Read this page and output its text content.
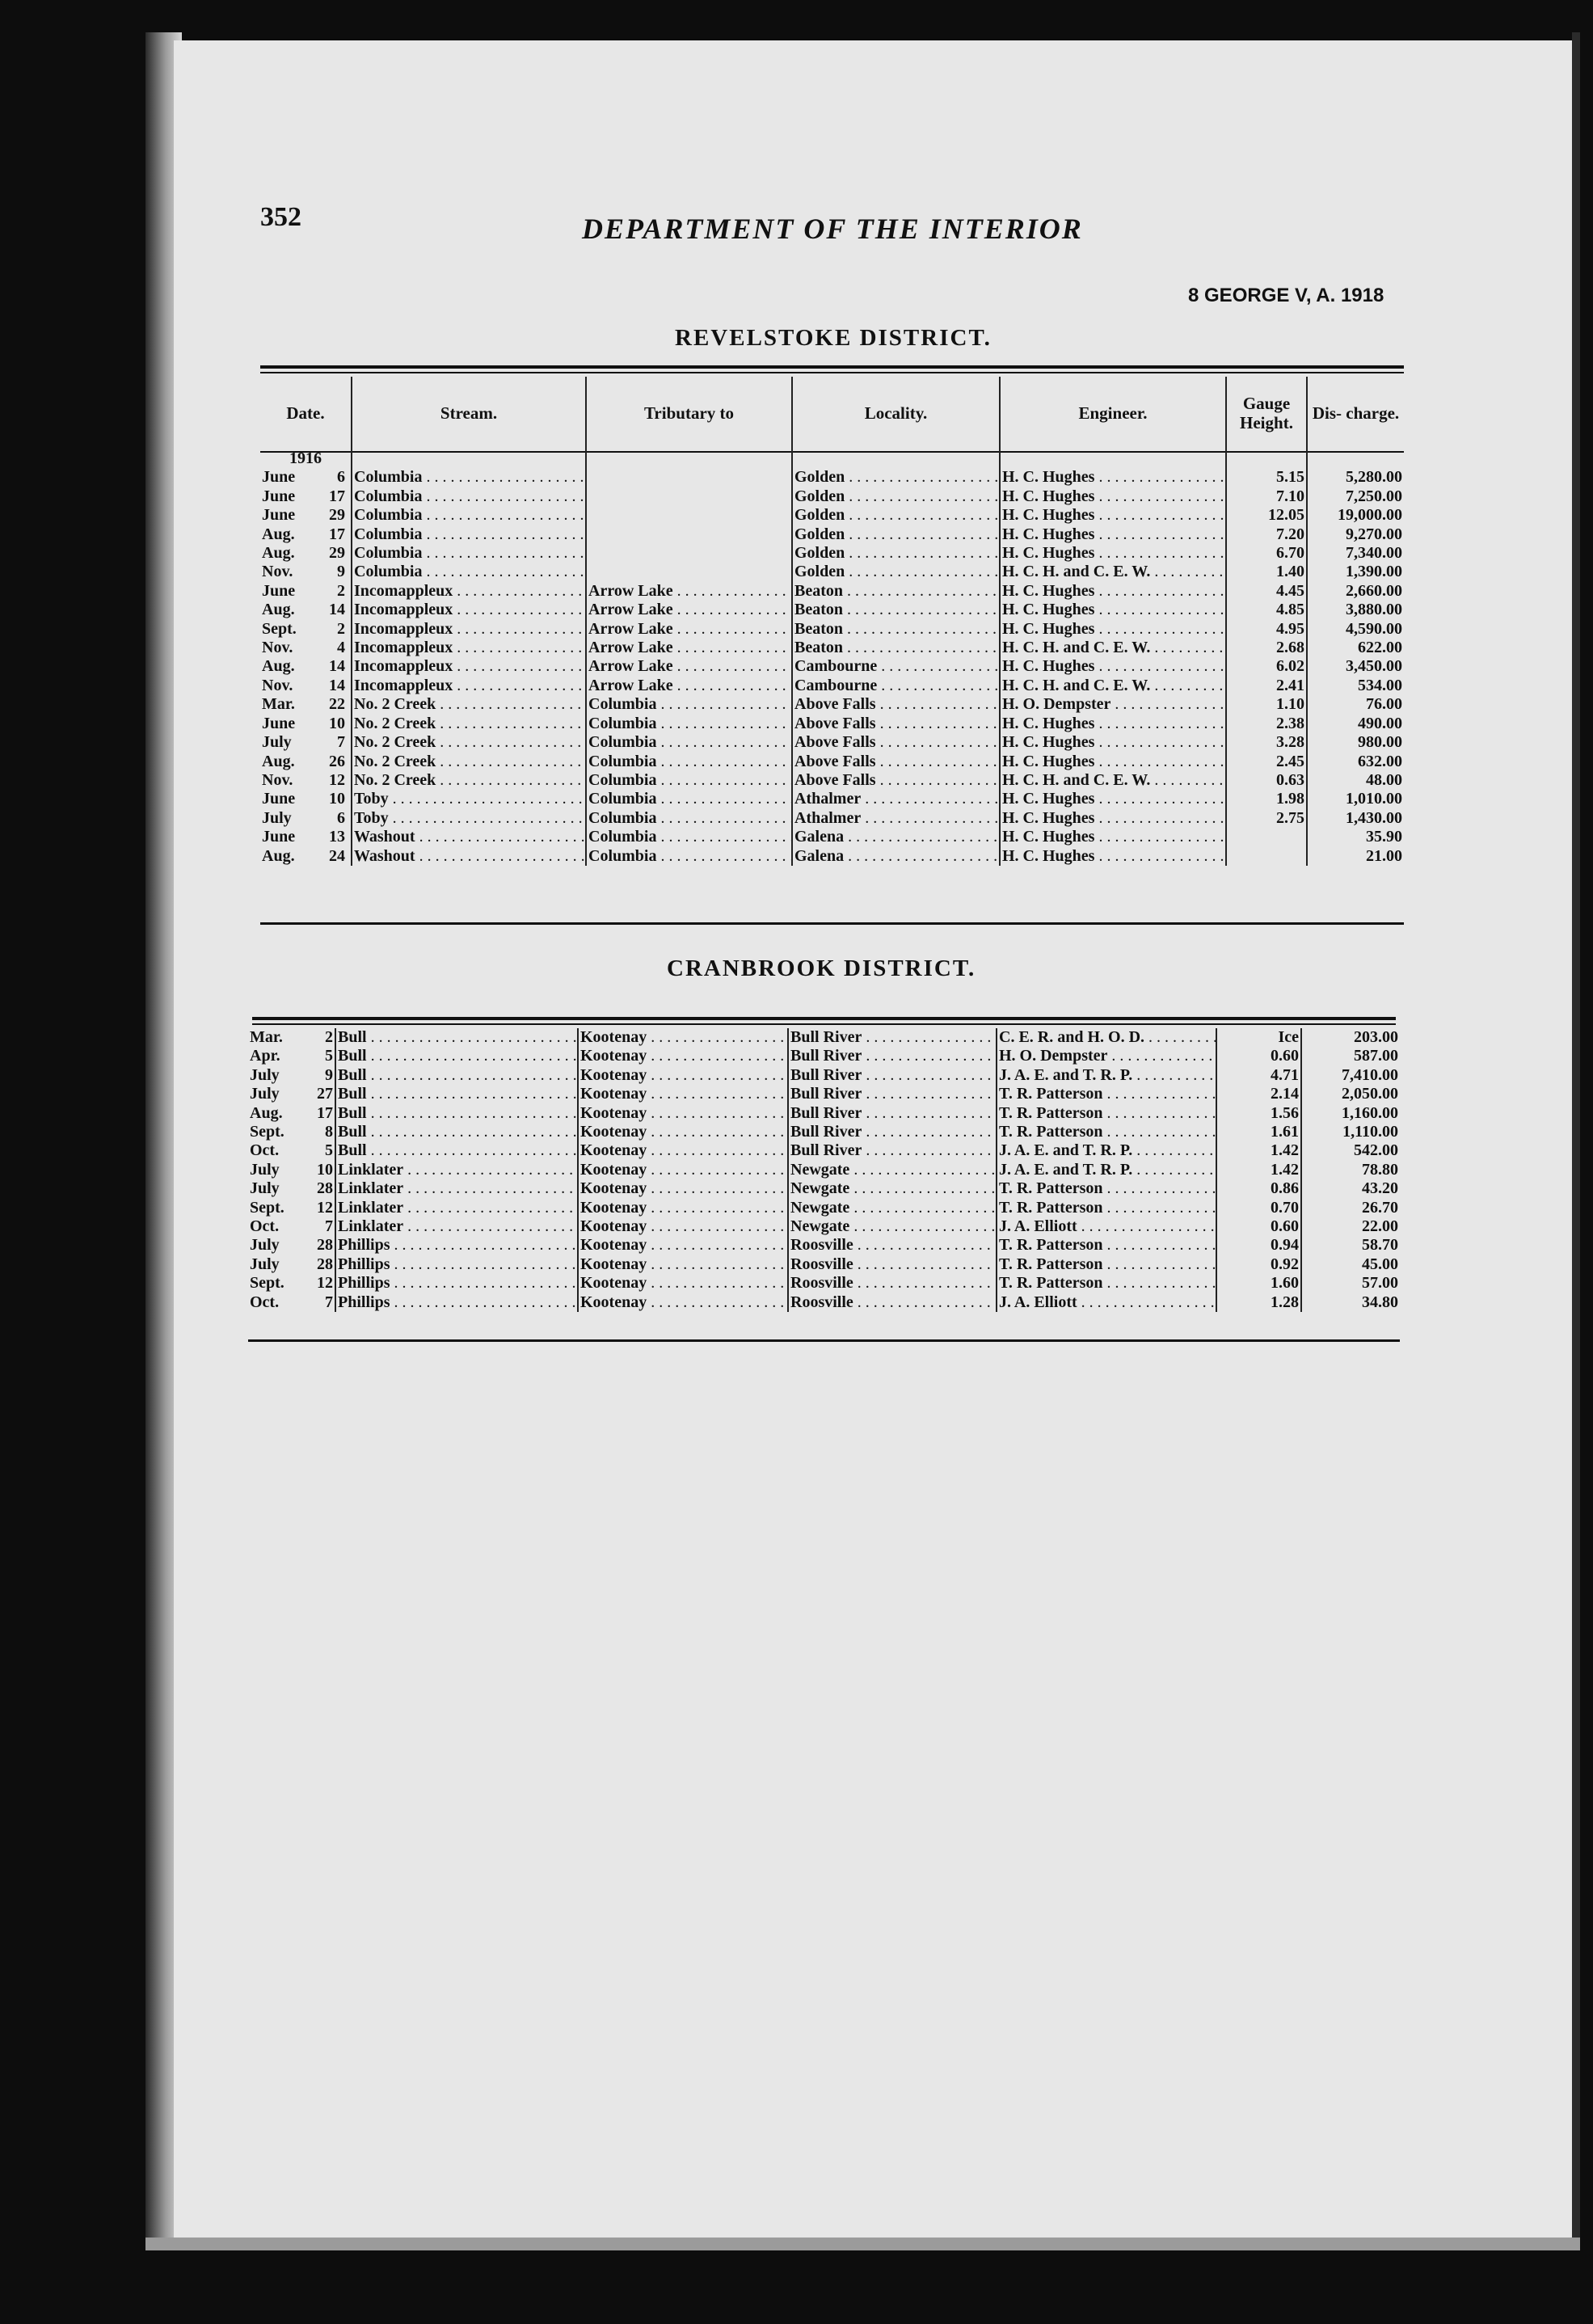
352	DEPARTMENT OF THE INTERIOR
8 GEORGE V, A. 1918
REVELSTOKE DISTRICT.
Date.	Stream.	Tributary to	Locality.	Engineer.	Gauge Height.	Dis- charge.
1916						
June 6	Columbia . . .		Golden . . .	H. C. Hughes . . .	5.15	5,280.00
June 17	Columbia . . .		Golden . . .	H. C. Hughes . . .	7.10	7,250.00
June 29	Columbia . . .		Golden . . .	H. C. Hughes . . .	12.05	19,000.00
Aug. 17	Columbia . . .		Golden . . .	H. C. Hughes . . .	7.20	9,270.00
Aug. 29	Columbia . . .		Golden . . .	H. C. Hughes . . .	6.70	7,340.00
Nov. 9	Columbia . . .		Golden . . .	H. C. H. and C. E. W. . . .	1.40	1,390.00
June 2	Incomappleux . . .	Arrow Lake . . .	Beaton . . .	H. C. Hughes . . .	4.45	2,660.00
Aug. 14	Incomappleux . . .	Arrow Lake . . .	Beaton . . .	H. C. Hughes . . .	4.85	3,880.00
Sept. 2	Incomappleux . . .	Arrow Lake . . .	Beaton . . .	H. C. Hughes . . .	4.95	4,590.00
Nov. 4	Incomappleux . . .	Arrow Lake . . .	Beaton . . .	H. C. H. and C. E. W. . . .	2.68	622.00
Aug. 14	Incomappleux . . .	Arrow Lake . . .	Cambourne . . .	H. C. Hughes . . .	6.02	3,450.00
Nov. 14	Incomappleux . . .	Arrow Lake . . .	Cambourne . . .	H. C. H. and C. E. W. . . .	2.41	534.00
Mar. 22	No. 2 Creek . . .	Columbia . . .	Above Falls . . .	H. O. Dempster . . .	1.10	76.00
June 10	No. 2 Creek . . .	Columbia . . .	Above Falls . . .	H. C. Hughes . . .	2.38	490.00
July 7	No. 2 Creek . . .	Columbia . . .	Above Falls . . .	H. C. Hughes . . .	3.28	980.00
Aug. 26	No. 2 Creek . . .	Columbia . . .	Above Falls . . .	H. C. Hughes . . .	2.45	632.00
Nov. 12	No. 2 Creek . . .	Columbia . . .	Above Falls . . .	H. C. H. and C. E. W. . . .	0.63	48.00
June 10	Toby . . .	Columbia . . .	Athalmer . . .	H. C. Hughes . . .	1.98	1,010.00
July 6	Toby . . .	Columbia . . .	Athalmer . . .	H. C. Hughes . . .	2.75	1,430.00
June 13	Washout . . .	Columbia . . .	Galena . . .	H. C. Hughes . . .		35.90
Aug. 24	Washout . . .	Columbia . . .	Galena . . .	H. C. Hughes . . .		21.00
CRANBROOK DISTRICT.
Mar. 2	Bull . . .	Kootenay . . .	Bull River . . .	C. E. R. and H. O. D. . . .	Ice	203.00
Apr. 5	Bull . . .	Kootenay . . .	Bull River . . .	H. O. Dempster . . .	0.60	587.00
July 9	Bull . . .	Kootenay . . .	Bull River . . .	J. A. E. and T. R. P. . . .	4.71	7,410.00
July 27	Bull . . .	Kootenay . . .	Bull River . . .	T. R. Patterson . . .	2.14	2,050.00
Aug. 17	Bull . . .	Kootenay . . .	Bull River . . .	T. R. Patterson . . .	1.56	1,160.00
Sept. 8	Bull . . .	Kootenay . . .	Bull River . . .	T. R. Patterson . . .	1.61	1,110.00
Oct. 5	Bull . . .	Kootenay . . .	Bull River . . .	J. A. E. and T. R. P. . . .	1.42	542.00
July 10	Linklater . . .	Kootenay . . .	Newgate . . .	J. A. E. and T. R. P. . . .	1.42	78.80
July 28	Linklater . . .	Kootenay . . .	Newgate . . .	T. R. Patterson . . .	0.86	43.20
Sept. 12	Linklater . . .	Kootenay . . .	Newgate . . .	T. R. Patterson . . .	0.70	26.70
Oct. 7	Linklater . . .	Kootenay . . .	Newgate . . .	J. A. Elliott . . .	0.60	22.00
July 28	Phillips . . .	Kootenay . . .	Roosville . . .	T. R. Patterson . . .	0.94	58.70
July 28	Phillips . . .	Kootenay . . .	Roosville . . .	T. R. Patterson . . .	0.92	45.00
Sept. 12	Phillips . . .	Kootenay . . .	Roosville . . .	T. R. Patterson . . .	1.60	57.00
Oct. 7	Phillips . . .	Kootenay . . .	Roosville . . .	J. A. Elliott . . .	1.28	34.80
